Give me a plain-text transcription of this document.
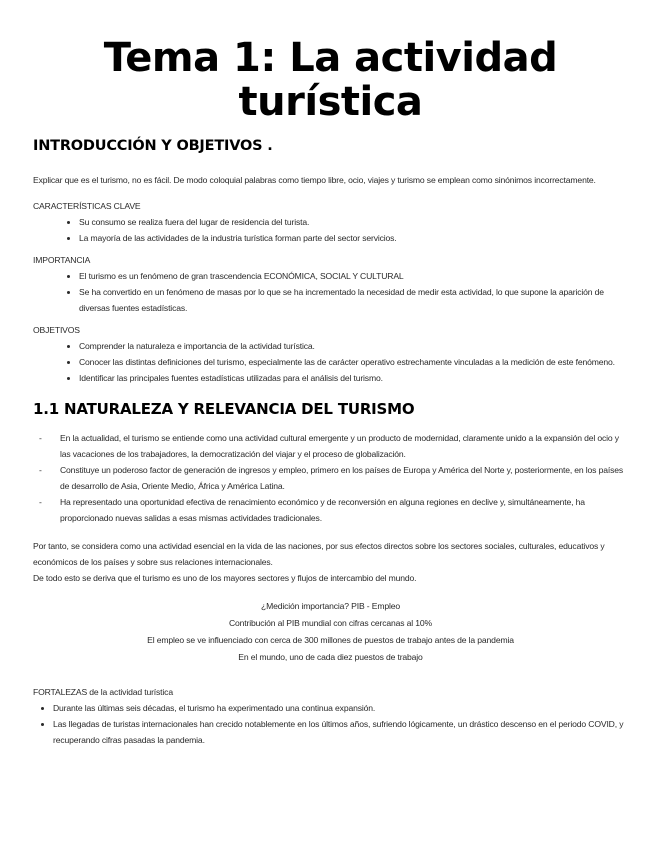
Tema 1: La actividad
turística
INTRODUCCIÓN Y OBJETIVOS .

Explicar que es el turismo, no es fácil. De modo coloquial palabras como tiempo libre, ocio, viajes y turismo se emplean como sinónimos incorrectamente.

CARACTERÍSTICAS CLAVE
• Su consumo se realiza fuera del lugar de residencia del turista.
• La mayoría de las actividades de la industria turística forman parte del sector servicios.
IMPORTANCIA
• El turismo es un fenómeno de gran trascendencia ECONÓMICA, SOCIAL Y CULTURAL
• Se ha convertido en un fenómeno de masas por lo que se ha incrementado la necesidad de medir esta actividad, lo que supone la aparición de diversas fuentes estadísticas.
OBJETIVOS
• Comprender la naturaleza e importancia de la actividad turística.
• Conocer las distintas definiciones del turismo, especialmente las de carácter operativo estrechamente vinculadas a la medición de este fenómeno.
• Identificar las principales fuentes estadísticas utilizadas para el análisis del turismo.
1.1 NATURALEZA Y RELEVANCIA DEL TURISMO
- En la actualidad, el turismo se entiende como una actividad cultural emergente y un producto de modernidad, claramente unido a la expansión del ocio y las vacaciones de los trabajadores, la democratización del viajar y el proceso de globalización.
- Constituye un poderoso factor de generación de ingresos y empleo, primero en los países de Europa y América del Norte y, posteriormente, en los países de desarrollo de Asia, Oriente Medio, África y América Latina.
- Ha representado una oportunidad efectiva de renacimiento económico y de reconversión en alguna regiones en declive y, simultáneamente, ha proporcionado nuevas salidas a esas mismas actividades tradicionales.

Por tanto, se considera como una actividad esencial en la vida de las naciones, por sus efectos directos sobre los sectores sociales, culturales, educativos y económicos de los países y sobre sus relaciones internacionales.

De todo esto se deriva que el turismo es uno de los mayores sectores y flujos de intercambio del mundo.

¿Medición importancia? PIB - Empleo

Contribución al PIB mundial con cifras cercanas al 10%

El empleo se ve influenciado con cerca de 300 millones de puestos de trabajo antes de la pandemia

En el mundo, uno de cada diez puestos de trabajo

FORTALEZAS de la actividad turística
• Durante las últimas seis décadas, el turismo ha experimentado una continua expansión.
• Las llegadas de turistas internacionales han crecido notablemente en los últimos años, sufriendo lógicamente, un drástico descenso en el periodo COVID, y recuperando cifras pasadas la pandemia.
